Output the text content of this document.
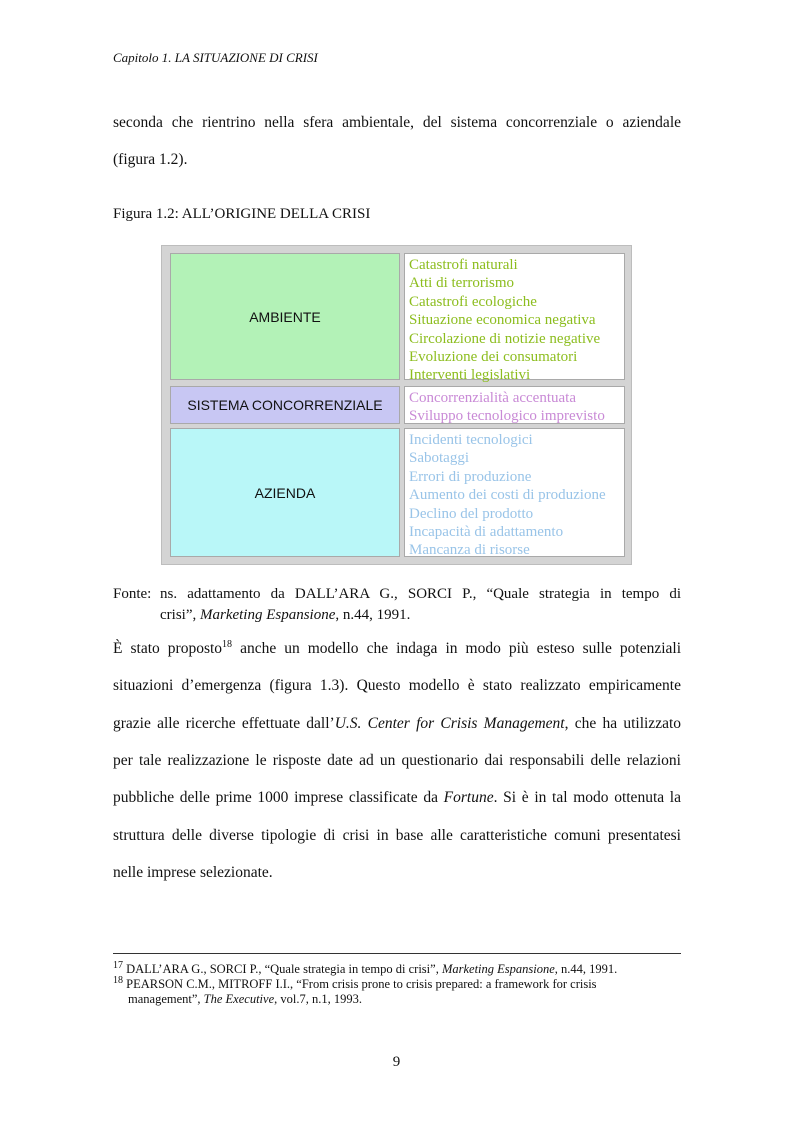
Capitolo 1. LA SITUAZIONE DI CRISI
seconda che rientrino nella sfera ambientale, del sistema concorrenziale o aziendale
(figura 1.2).
Figura 1.2: ALL’ORIGINE DELLA CRISI
AMBIENTE
Catastrofi naturali
Atti di terrorismo
Catastrofi ecologiche
Situazione economica negativa
Circolazione di notizie negative
Evoluzione dei consumatori
Interventi legislativi
SISTEMA CONCORRENZIALE	Concorrenzialità accentuata
Sviluppo tecnologico imprevisto
AZIENDA
Incidenti tecnologici
Sabotaggi
Errori di produzione
Aumento dei costi di produzione
Declino del prodotto
Incapacità di adattamento
Mancanza di risorse
Fonte: ns. adattamento da DALL’ARA G., SORCI P., “Quale strategia in tempo di
crisi”, Marketing Espansione, n.44, 1991.
È stato proposto$^{18}$ anche un modello che indaga in modo più esteso sulle potenziali
situazioni d’emergenza (figura 1.3). Questo modello è stato realizzato empiricamente
grazie alle ricerche effettuate dall’U.S. Center for Crisis Management, che ha utilizzato
per tale realizzazione le risposte date ad un questionario dai responsabili delle relazioni
pubbliche delle prime 1000 imprese classificate da Fortune. Si è in tal modo ottenuta la
struttura delle diverse tipologie di crisi in base alle caratteristiche comuni presentatesi
nelle imprese selezionate.
$^{17}$ DALL’ARA G., SORCI P., “Quale strategia in tempo di crisi”, Marketing Espansione, n.44, 1991.
$^{18}$ PEARSON C.M., MITROFF I.I., “From crisis prone to crisis prepared: a framework for crisis
management”, The Executive, vol.7, n.1, 1993.
9
